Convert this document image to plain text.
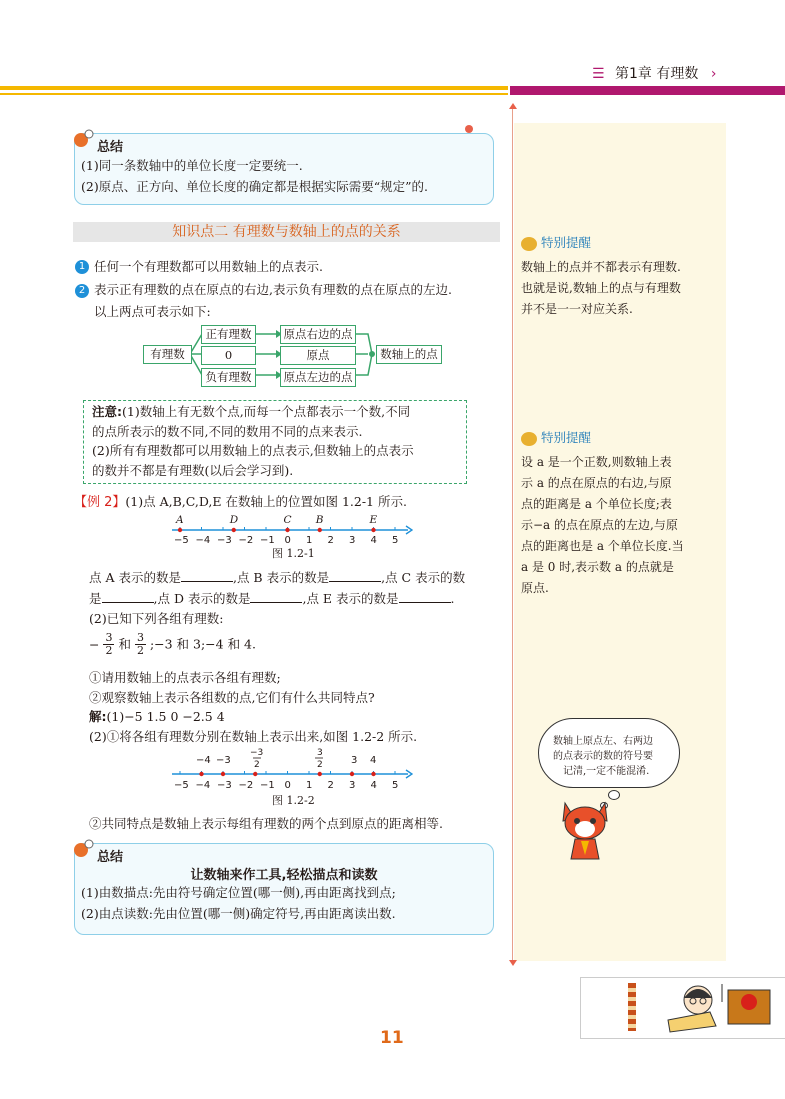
☰ 第1章 有理数 ›
总结
(1)同一条数轴中的单位长度一定要统一.
(2)原点、正方向、单位长度的确定都是根据实际需要“规定”的.
知识点二 有理数与数轴上的点的关系
1 任何一个有理数都可以用数轴上的点表示.
2 表示正有理数的点在原点的右边,表示负有理数的点在原点的左边.
以上两点可表示如下:
有理数
正有理数
0
负有理数
原点右边的点
原点
原点左边的点
数轴上的点
注意:(1)数轴上有无数个点,而每一个点都表示一个数,不同
的点所表示的数不同,不同的数用不同的点来表示.
(2)所有有理数都可以用数轴上的点表示,但数轴上的点表示
的数并不都是有理数(以后会学习到).
【例 2】(1)点 A,B,C,D,E 在数轴上的位置如图 1.2-1 所示.
A	D	C B	E
−5 −4 −3 −2 −1 0 1 2 3 4 5
图 1.2-1
点 A 表示的数是	,点 B 表示的数是	,点 C 表示的数
是	,点 D 表示的数是	,点 E 表示的数是	.
(2)已知下列各组有理数:
− $\frac{3}{2}$ 和 $\frac{3}{2}$ ;−3 和 3;−4 和 4.
①请用数轴上的点表示各组有理数;
②观察数轴上表示各组数的点,它们有什么共同特点?
解:(1)−5 1.5 0 −2.5 4
(2)①将各组有理数分别在数轴上表示出来,如图 1.2-2 所示.
−4 −3	4
3
−3
2
3
2
−5 −4 −3 −2 −1 0 1 2 3 4 5
图 1.2-2
②共同特点是数轴上表示每组有理数的两个点到原点的距离相等.
总结
让数轴来作工具,轻松描点和读数
(1)由数描点:先由符号确定位置(哪一侧),再由距离找到点;
(2)由点读数:先由位置(哪一侧)确定符号,再由距离读出数.
特别提醒
数轴上的点并不都表示有理数.
也就是说,数轴上的点与有理数
并不是一一对应关系.
特别提醒
设 a 是一个正数,则数轴上表
示 a 的点在原点的右边,与原
点的距离是 a 个单位长度;表
示−a 的点在原点的左边,与原
点的距离也是 a 个单位长度.当
a 是 0 时,表示数 a 的点就是
原点.
数轴上原点左、右两边
的点表示的数的符号要
记清,一定不能混淆.
11
